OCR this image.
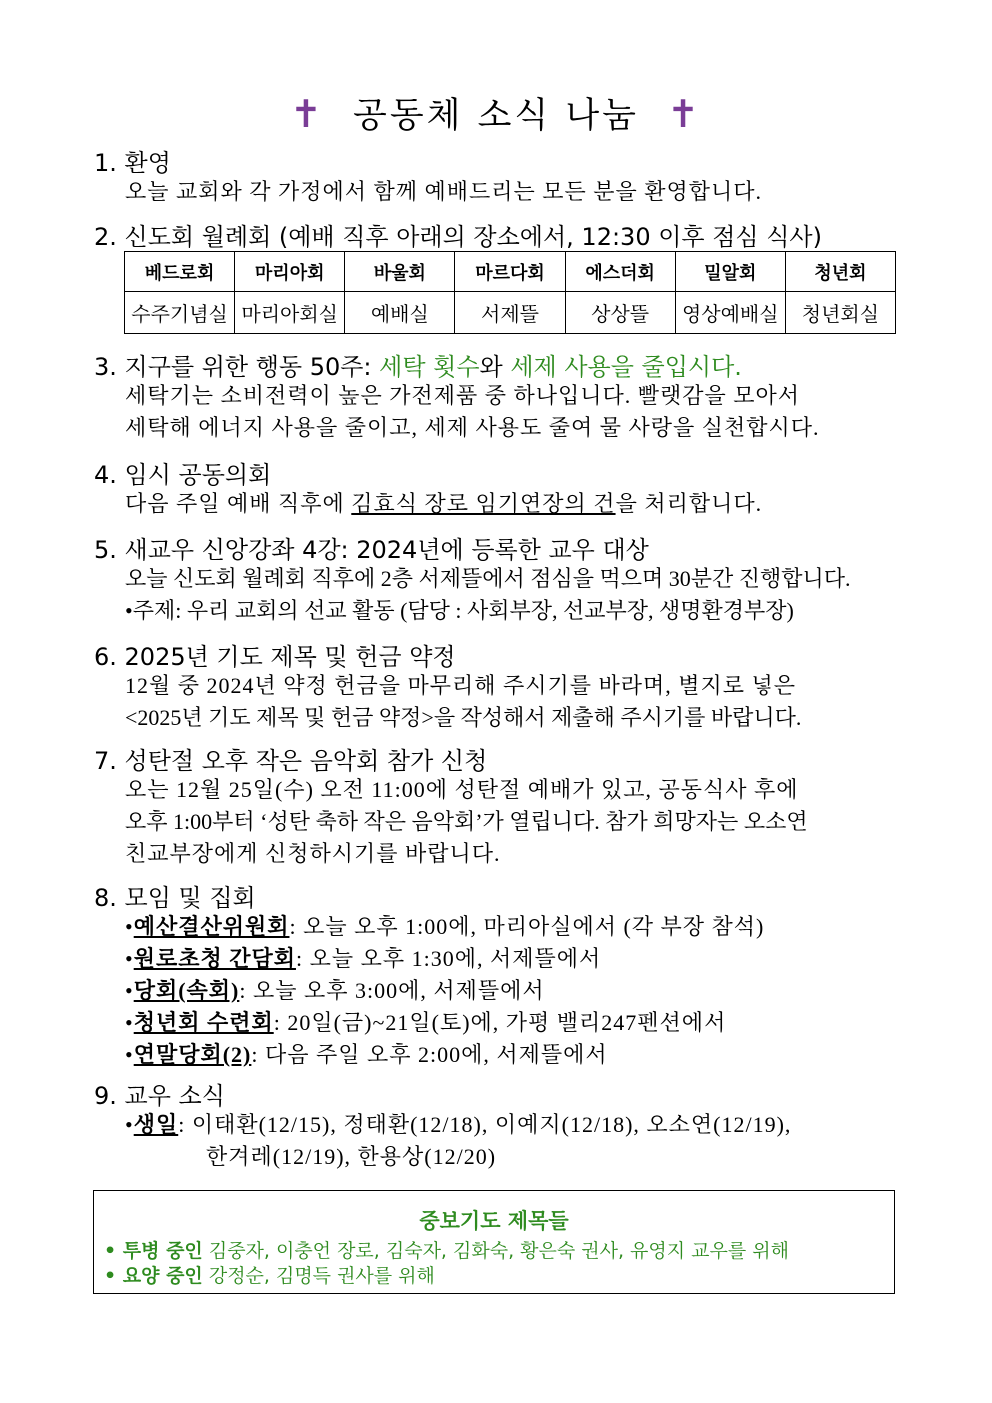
✝ 공동체 소식 나눔 ✝
1. 환영
오늘 교회와 각 가정에서 함께 예배드리는 모든 분을 환영합니다.
2. 신도회 월례회 (예배 직후 아래의 장소에서, 12:30 이후 점심 식사)
베드로회	마리아회	바울회	마르다회	에스더회	밀알회	청년회
수주기념실	마리아회실	예배실	서제뜰	상상뜰	영상예배실	청년회실
3. 지구를 위한 행동 50주: 세탁 횟수와 세제 사용을 줄입시다.
세탁기는 소비전력이 높은 가전제품 중 하나입니다. 빨랫감을 모아서
세탁해 에너지 사용을 줄이고, 세제 사용도 줄여 물 사랑을 실천합시다.
4. 임시 공동의회
다음 주일 예배 직후에 김효식 장로 임기연장의 건을 처리합니다.
5. 새교우 신앙강좌 4강: 2024년에 등록한 교우 대상
오늘 신도회 월례회 직후에 2층 서제뜰에서 점심을 먹으며 30분간 진행합니다.
•주제: 우리 교회의 선교 활동 (담당 : 사회부장, 선교부장, 생명환경부장)
6. 2025년 기도 제목 및 헌금 약정
12월 중 2024년 약정 헌금을 마무리해 주시기를 바라며, 별지로 넣은
<2025년 기도 제목 및 헌금 약정>을 작성해서 제출해 주시기를 바랍니다.
7. 성탄절 오후 작은 음악회 참가 신청
오는 12월 25일(수) 오전 11:00에 성탄절 예배가 있고, 공동식사 후에
오후 1:00부터 ‘성탄 축하 작은 음악회’가 열립니다. 참가 희망자는 오소연
친교부장에게 신청하시기를 바랍니다.
8. 모임 및 집회
•예산결산위원회: 오늘 오후 1:00에, 마리아실에서 (각 부장 참석)
•원로초청 간담회: 오늘 오후 1:30에, 서제뜰에서
•당회(속회): 오늘 오후 3:00에, 서제뜰에서
•청년회 수련회: 20일(금)~21일(토)에, 가평 밸리247펜션에서
•연말당회(2): 다음 주일 오후 2:00에, 서제뜰에서
9. 교우 소식
•생일: 이태환(12/15), 정태환(12/18), 이예지(12/18), 오소연(12/19),
한겨레(12/19), 한용상(12/20)
중보기도 제목들
• 투병 중인 김중자, 이충언 장로, 김숙자, 김화숙, 황은숙 권사, 유영지 교우를 위해
• 요양 중인 강정순, 김명득 권사를 위해
